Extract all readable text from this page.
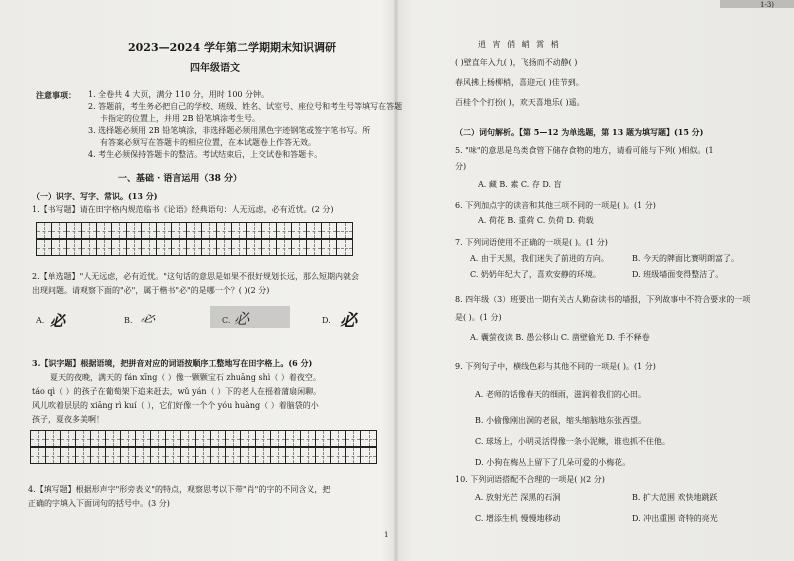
1-3)
2023—2024 学年第二学期期末知识调研
四年级语文
注意事项： 1. 全卷共 4 大页，满分 110 分，用时 100 分钟。
2. 答题前，考生务必把自己的学校、班级、姓名、试室号、座位号和考生号等填写在答题
卡指定的位置上，并用 2B 铅笔填涂考生号。
3. 选择题必须用 2B 铅笔填涂，非选择题必须用黑色字迹钢笔或签字笔书写。所
有答案必须写在答题卡的相应位置，在本试题卷上作答无效。
4. 考生必须保持答题卡的整洁。考试结束后，上交试卷和答题卡。
一、基础 · 语言运用（38 分）
（一）识字、写字、常识。(13 分)
1.【书写题】请在田字格内规范临书《论语》经典语句：人无远虑，必有近忧。(2 分)
2.【单选题】"人无远虑，必有近忧。"这句话的意思是如果不很好规划长远，那么短期内就会
出现问题。请观察下面的"必"，属于楷书"必"的是哪一个？( )(2 分)
A. 必	B. 必	C. 必	D. 必
3.【识字题】根据语境，把拼音对应的词语按顺序工整地写在田字格上。(6 分)
夏天的夜晚，满天的 fán xīng（ ）像一颗颗宝石 zhuāng shì（ ）着夜空。
táo qì（ ）的孩子在葡萄架下追来赶去，wǔ yán（ ）下的老人在摇着蒲扇闲聊。
风儿吹着层层的 xiāng rì kuí（ ），它们好像一个个 yóu huàng（ ）着脑袋的小
孩子，夏夜多美啊！
4.【填写题】根据形声字"形旁表义"的特点，观察思考以下带"肖"的字的不同含义，把
正确的字填入下面词句的括号中。(3 分)
1
逍 宵 俏 峭 霄 梢
( )壁直年入九( )，飞扬而不动静( )
春风拂上杨柳梢，喜迎元( )佳节到。
百桂个个打扮( )，欢天喜地乐( )遥。
（二）词句解析。【第 5—12 为单选题，第 13 题为填写题】(15 分)
5. "味"的意思是鸟类食管下储存食物的地方，请看可能与下列( )相似。(1
分)
A. 藏 B. 素 C. 存 D. 盲
6. 下列加点字的读音和其他三项不同的一项是( )。(1 分)
A. 荷花 B. 重荷 C. 负荷 D. 荷载
7. 下列词语使用不正确的一项是( )。(1 分)
A. 由于天黑，我们迷失了前进的方向。	B. 今天的牌面比赛明朗富了。
C. 奶奶年纪大了，喜欢安静的环境。	D. 班级墙面变得整洁了。
8. 四年级（3）班要出一期有关古人勤奋读书的墙报，下列故事中不符合要求的一项
是( )。(1 分)
A. 囊萤夜读 B. 愚公移山 C. 凿壁偷光 D. 手不释卷
9. 下列句子中，横线色彩与其他不同的一项是( )。(1 分)
A. 老师的话像春天的细雨，滋润着我们的心田。
B. 小偷像刚出洞的老鼠，缩头缩脑地东张西望。
C. 球场上，小明灵活得像一条小泥鳅，谁也抓不住他。
D. 小狗在梅丛上留下了几朵可爱的小梅花。
10. 下列词语搭配不合理的一项是( )(2 分)
A. 放射光芒 深黑的石洞	B. 扩大范围 欢快地跳跃
C. 增添生机 慢慢地移动	D. 冲出重围 奇特的亮光
